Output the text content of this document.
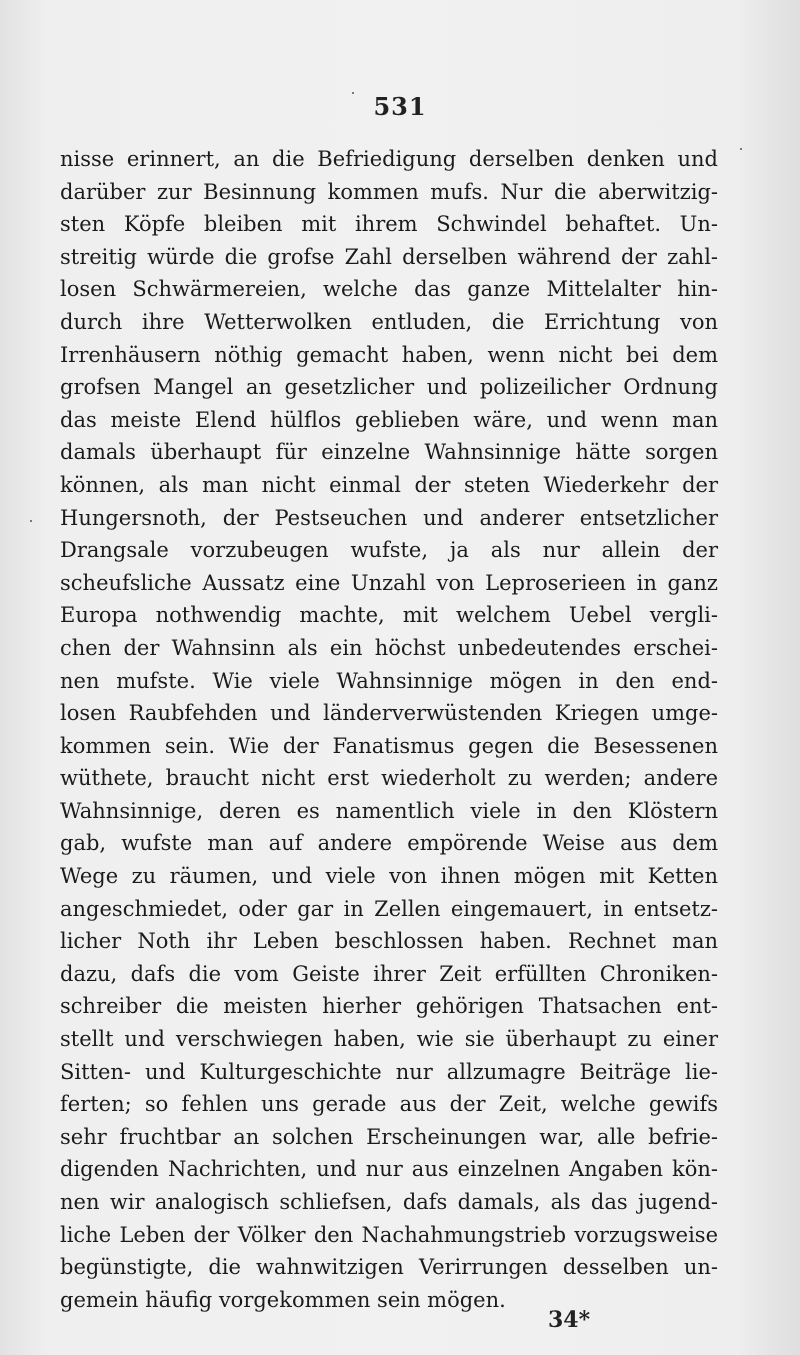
531
nisse erinnert, an die Befriedigung derselben denken und
darüber zur Besinnung kommen mufs. Nur die aberwitzig-
sten Köpfe bleiben mit ihrem Schwindel behaftet. Un-
streitig würde die grofse Zahl derselben während der zahl-
losen Schwärmereien, welche das ganze Mittelalter hin-
durch ihre Wetterwolken entluden, die Errichtung von
Irrenhäusern nöthig gemacht haben, wenn nicht bei dem
grofsen Mangel an gesetzlicher und polizeilicher Ordnung
das meiste Elend hülflos geblieben wäre, und wenn man
damals überhaupt für einzelne Wahnsinnige hätte sorgen
können, als man nicht einmal der steten Wiederkehr der
Hungersnoth, der Pestseuchen und anderer entsetzlicher
Drangsale vorzubeugen wufste, ja als nur allein der
scheufsliche Aussatz eine Unzahl von Leproserieen in ganz
Europa nothwendig machte, mit welchem Uebel vergli-
chen der Wahnsinn als ein höchst unbedeutendes erschei-
nen mufste. Wie viele Wahnsinnige mögen in den end-
losen Raubfehden und länderverwüstenden Kriegen umge-
kommen sein. Wie der Fanatismus gegen die Besessenen
wüthete, braucht nicht erst wiederholt zu werden; andere
Wahnsinnige, deren es namentlich viele in den Klöstern
gab, wufste man auf andere empörende Weise aus dem
Wege zu räumen, und viele von ihnen mögen mit Ketten
angeschmiedet, oder gar in Zellen eingemauert, in entsetz-
licher Noth ihr Leben beschlossen haben. Rechnet man
dazu, dafs die vom Geiste ihrer Zeit erfüllten Chroniken-
schreiber die meisten hierher gehörigen Thatsachen ent-
stellt und verschwiegen haben, wie sie überhaupt zu einer
Sitten- und Kulturgeschichte nur allzumagre Beiträge lie-
ferten; so fehlen uns gerade aus der Zeit, welche gewifs
sehr fruchtbar an solchen Erscheinungen war, alle befrie-
digenden Nachrichten, und nur aus einzelnen Angaben kön-
nen wir analogisch schliefsen, dafs damals, als das jugend-
liche Leben der Völker den Nachahmungstrieb vorzugsweise
begünstigte, die wahnwitzigen Verirrungen desselben un-
gemein häufig vorgekommen sein mögen.
34*
